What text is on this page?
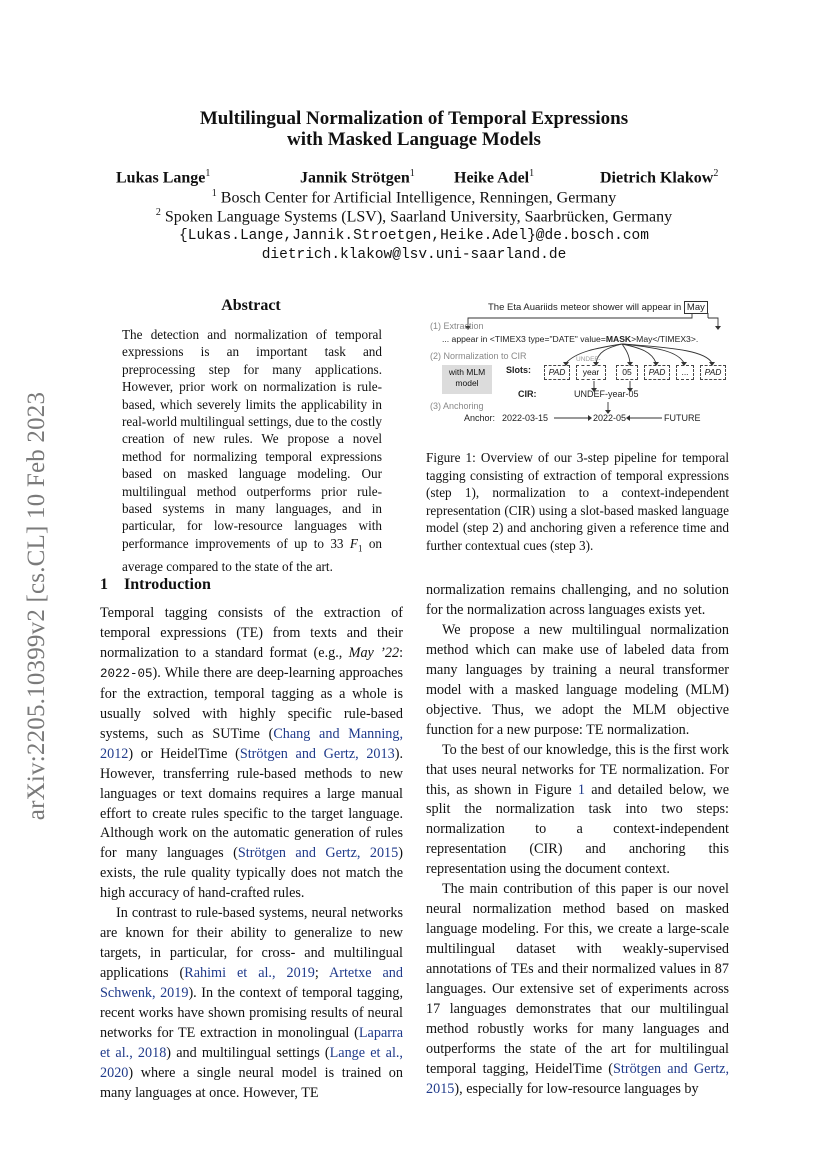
arXiv:2205.10399v2 [cs.CL] 10 Feb 2023
Multilingual Normalization of Temporal Expressions
with Masked Language Models
Lukas Lange$^1$	Jannik Strötgen$^1$ Heike Adel$^1$	Dietrich Klakow$^2$
$^1$ Bosch Center for Artificial Intelligence, Renningen, Germany
$^2$ Spoken Language Systems (LSV), Saarland University, Saarbrücken, Germany
{Lukas.Lange,Jannik.Stroetgen,Heike.Adel}@de.bosch.com
dietrich.klakow@lsv.uni-saarland.de
Abstract
The detection and normalization of temporal expressions is an important task and preprocessing step for many applications. However, prior work on normalization is rule-based, which severely limits the applicability in real-world multilingual settings, due to the costly creation of new rules. We propose a novel method for normalizing temporal expressions based on masked language modeling. Our multilingual method outperforms prior rule-based systems in many languages, and in particular, for low-resource languages with performance improvements of up to 33 $F_1$ on average compared to the state of the art.
The Eta Auariids meteor shower will appear in May
(1) Extraction
... appear in <TIMEX3 type="DATE" value=MASK>May</TIMEX3>.
(2) Normalization to CIR
with MLM model
Slots:	PAD
UNDEF-
year	05	PAD	...	PAD
CIR:	UNDEF-year-05
(3) Anchoring
Anchor: 2022-03-15	2022-05	FUTURE
Figure 1: Overview of our 3-step pipeline for temporal tagging consisting of extraction of temporal expressions (step 1), normalization to a context-independent representation (CIR) using a slot-based masked language model (step 2) and anchoring given a reference time and further contextual cues (step 3).
1 Introduction

Temporal tagging consists of the extraction of temporal expressions (TE) from texts and their normalization to a standard format (e.g., May ’22: 2022-05). While there are deep-learning approaches for the extraction, temporal tagging as a whole is usually solved with highly specific rule-based systems, such as SUTime (Chang and Manning, 2012) or HeidelTime (Strötgen and Gertz, 2013). However, transferring rule-based methods to new languages or text domains requires a large manual effort to create rules specific to the target language. Although work on the automatic generation of rules for many languages (Strötgen and Gertz, 2015) exists, the rule quality typically does not match the high accuracy of hand-crafted rules.

In contrast to rule-based systems, neural networks are known for their ability to generalize to new targets, in particular, for cross- and multilingual applications (Rahimi et al., 2019; Artetxe and Schwenk, 2019). In the context of temporal tagging, recent works have shown promising results of neural networks for TE extraction in monolingual (Laparra et al., 2018) and multilingual settings (Lange et al., 2020) where a single neural model is trained on many languages at once. However, TE

normalization remains challenging, and no solution for the normalization across languages exists yet.

We propose a new multilingual normalization method which can make use of labeled data from many languages by training a neural transformer model with a masked language modeling (MLM) objective. Thus, we adopt the MLM objective function for a new purpose: TE normalization.

To the best of our knowledge, this is the first work that uses neural networks for TE normalization. For this, as shown in Figure 1 and detailed below, we split the normalization task into two steps: normalization to a context-independent representation (CIR) and anchoring this representation using the document context.

The main contribution of this paper is our novel neural normalization method based on masked language modeling. For this, we create a large-scale multilingual dataset with weakly-supervised annotations of TEs and their normalized values in 87 languages. Our extensive set of experiments across 17 languages demonstrates that our multilingual method robustly works for many languages and outperforms the state of the art for multilingual temporal tagging, HeidelTime (Strötgen and Gertz, 2015), especially for low-resource languages by
